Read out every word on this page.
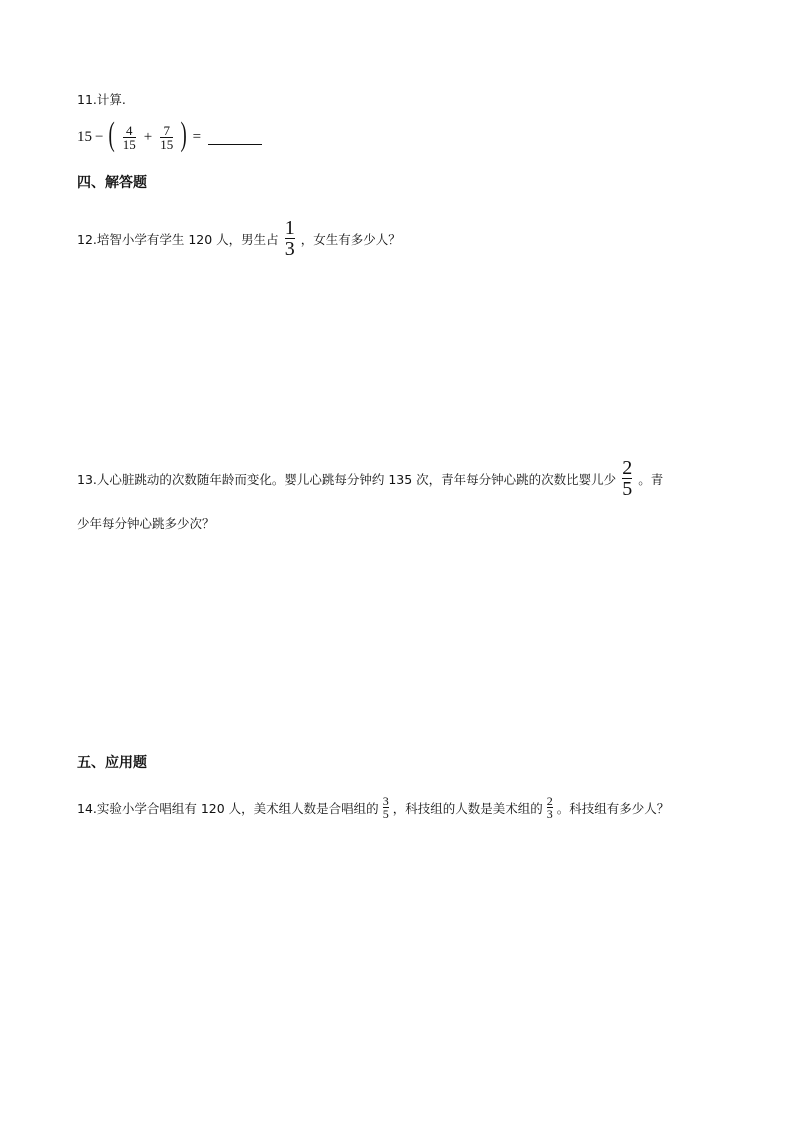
11.计算.
15 − ( $\frac{4}{15} + \frac{7}{15}$ ) =
四、解答题
12.培智小学有学生 120 人，男生占 $\frac{1}{3}$ ，女生有多少人？
13.人心脏跳动的次数随年龄而变化。婴儿心跳每分钟约 135 次，青年每分钟心跳的次数比婴儿少 $\frac{2}{5}$ 。青
少年每分钟心跳多少次？
五、应用题
14.实验小学合唱组有 120 人，美术组人数是合唱组的 $\frac{3}{5}$ ，科技组的人数是美术组的 $\frac{2}{3}$ 。科技组有多少人？
